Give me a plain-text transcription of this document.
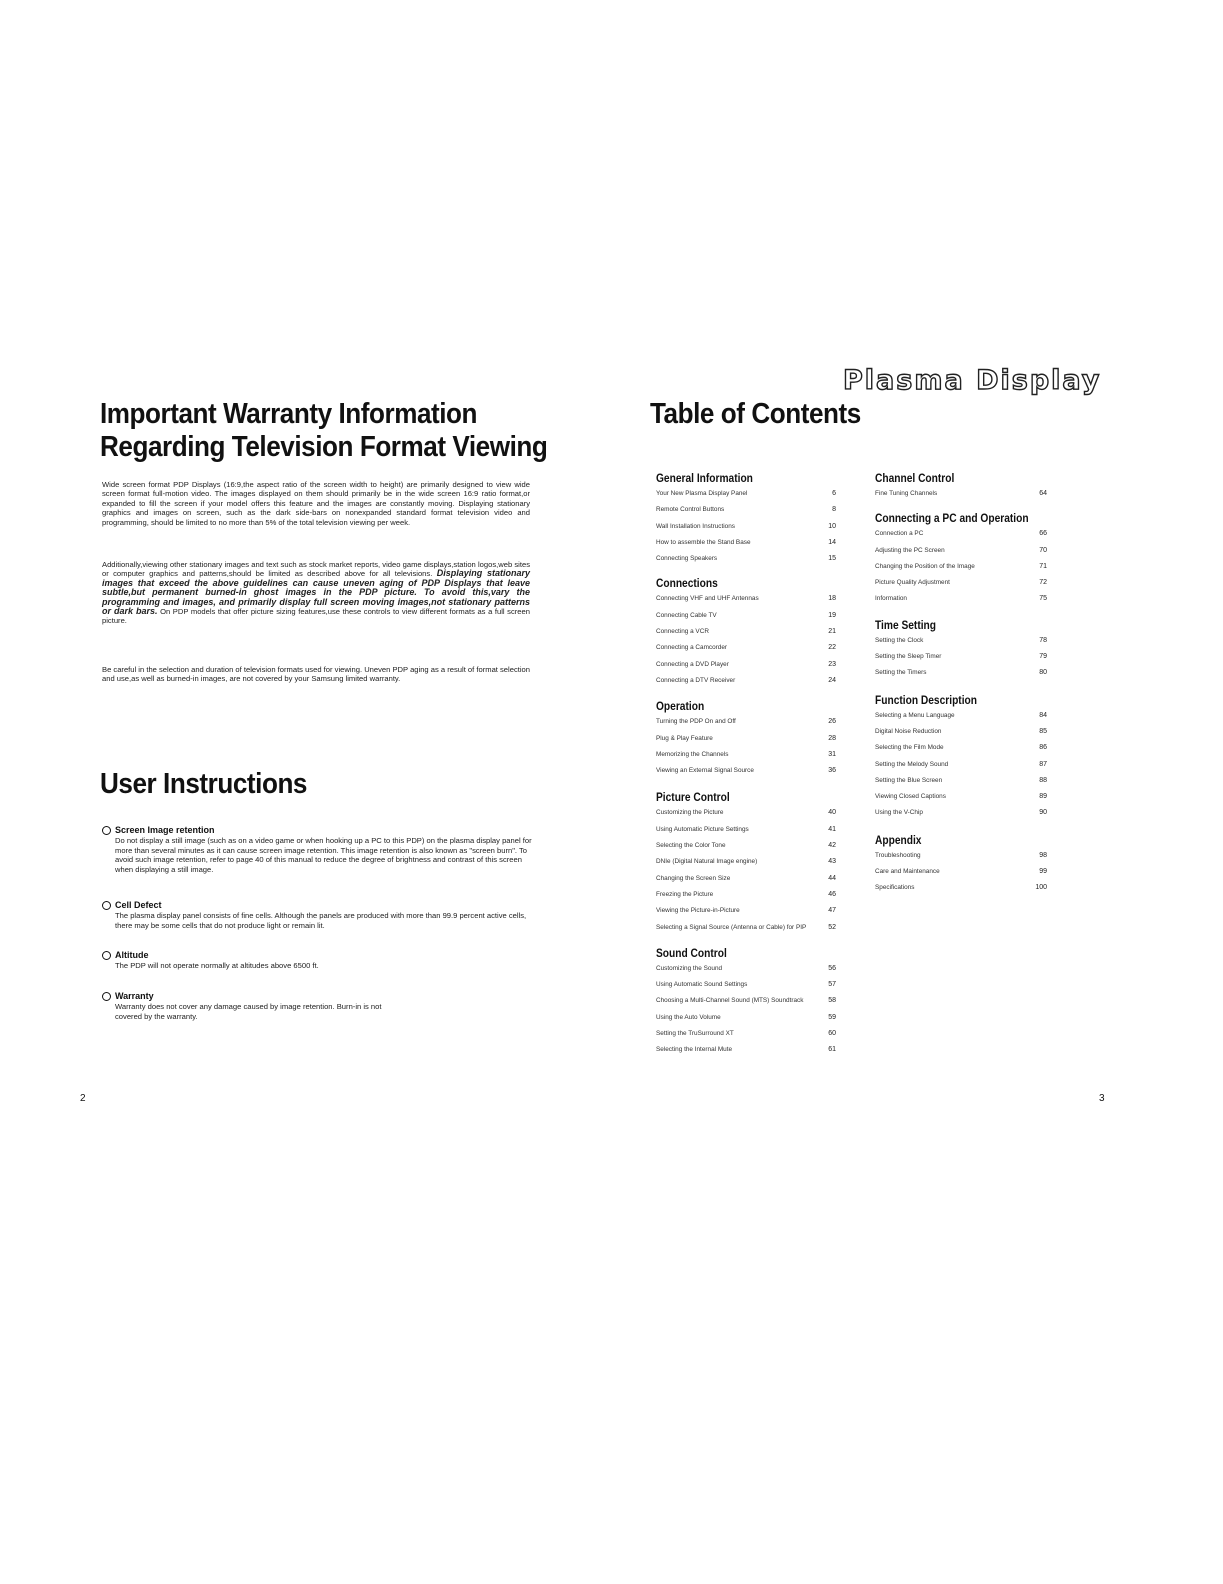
Important Warranty Information
Regarding Television Format Viewing
Wide screen format PDP Displays (16:9,the aspect ratio of the screen width to height) are primarily designed to view wide screen format full-motion video. The images displayed on them should primarily be in the wide screen 16:9 ratio format,or expanded to fill the screen if your model offers this feature and the images are constantly moving. Displaying stationary graphics and images on screen, such as the dark side-bars on nonexpanded standard format television video and programming, should be limited to no more than 5% of the total television viewing per week.
Additionally,viewing other stationary images and text such as stock market reports, video game displays,station logos,web sites or computer graphics and patterns,should be limited as described above for all televisions. Displaying stationary images that exceed the above guidelines can cause uneven aging of PDP Displays that leave subtle,but permanent burned-in ghost images in the PDP picture. To avoid this,vary the programming and images, and primarily display full screen moving images,not stationary patterns or dark bars. On PDP models that offer picture sizing features,use these controls to view different formats as a full screen picture.
Be careful in the selection and duration of television formats used for viewing. Uneven PDP aging as a result of format selection and use,as well as burned-in images, are not covered by your Samsung limited warranty.
User Instructions
Screen Image retention
Do not display a still image (such as on a video game or when hooking up a PC to this PDP) on the plasma display panel for more than several minutes as it can cause screen image retention. This image retention is also known as "screen burn". To avoid such image retention, refer to page 40 of this manual to reduce the degree of brightness and contrast of this screen when displaying a still image.
Cell Defect
The plasma display panel consists of fine cells. Although the panels are produced with more than 99.9 percent active cells, there may be some cells that do not produce light or remain lit.
Altitude
The PDP will not operate normally at altitudes above 6500 ft.
Warranty
Warranty does not cover any damage caused by image retention. Burn-in is not covered by the warranty.
2
Plasma Display
Table of Contents
General Information
Your New Plasma Display Panel	6
Remote Control Buttons	8
Wall Installation Instructions	10
How to assemble the Stand Base	14
Connecting Speakers	15
Connections
Connecting VHF and UHF Antennas	18
Connecting Cable TV	19
Connecting a VCR	21
Connecting a Camcorder	22
Connecting a DVD Player	23
Connecting a DTV Receiver	24
Operation
Turning the PDP On and Off	26
Plug & Play Feature	28
Memorizing the Channels	31
Viewing an External Signal Source	36
Picture Control
Customizing the Picture	40
Using Automatic Picture Settings	41
Selecting the Color Tone	42
DNIe (Digital Natural Image engine)	43
Changing the Screen Size	44
Freezing the Picture	46
Viewing the Picture-in-Picture	47
Selecting a Signal Source (Antenna or Cable) for PIP	52
Sound Control
Customizing the Sound	56
Using Automatic Sound Settings	57
Choosing a Multi-Channel Sound (MTS) Soundtrack	58
Using the Auto Volume	59
Setting the TruSurround XT	60
Selecting the Internal Mute	61
Channel Control
Fine Tuning Channels	64
Connecting a PC and Operation
Connection a PC	66
Adjusting the PC Screen	70
Changing the Position of the Image	71
Picture Quality Adjustment	72
Information	75
Time Setting
Setting the Clock	78
Setting the Sleep Timer	79
Setting the Timers	80
Function Description
Selecting a Menu Language	84
Digital Noise Reduction	85
Selecting the Film Mode	86
Setting the Melody Sound	87
Setting the Blue Screen	88
Viewing Closed Captions	89
Using the V-Chip	90
Appendix
Troubleshooting	98
Care and Maintenance	99
Specifications	100
3
